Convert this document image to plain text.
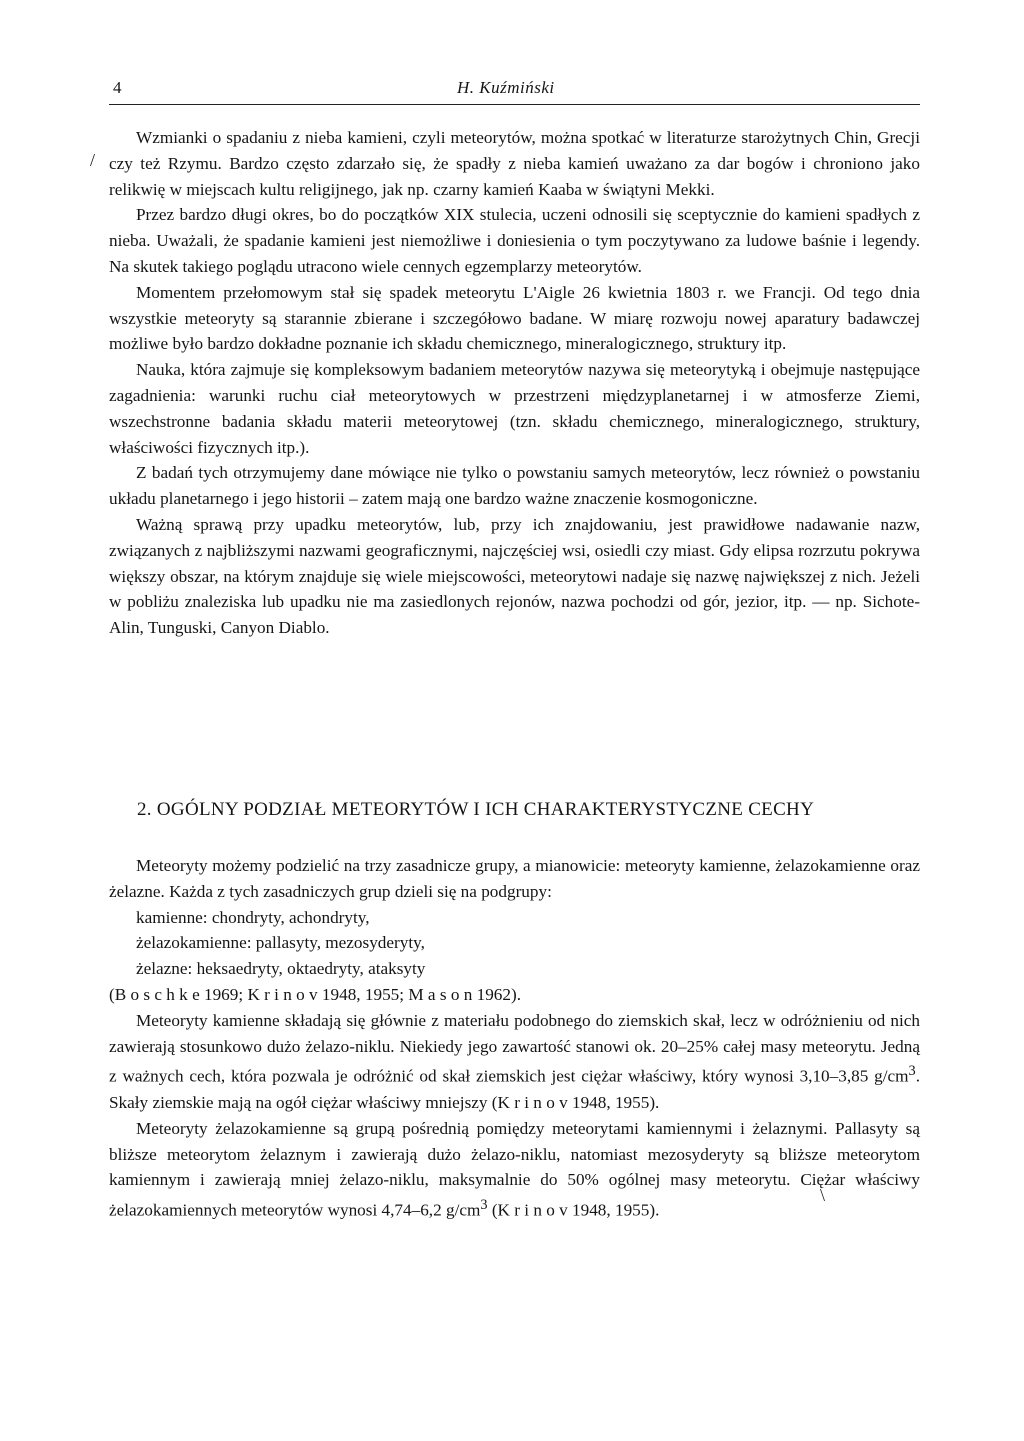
4	H. Kuźmiński
/

Wzmianki o spadaniu z nieba kamieni, czyli meteorytów, można spotkać w literaturze starożytnych Chin, Grecji czy też Rzymu. Bardzo często zdarzało się, że spadły z nieba kamień uważano za dar bogów i chroniono jako relikwię w miejscach kultu religijnego, jak np. czarny kamień Kaaba w świątyni Mekki.

Przez bardzo długi okres, bo do początków XIX stulecia, uczeni odnosili się sceptycznie do kamieni spadłych z nieba. Uważali, że spadanie kamieni jest niemożliwe i doniesienia o tym poczytywano za ludowe baśnie i legendy. Na skutek takiego poglądu utracono wiele cennych egzemplarzy meteorytów.

Momentem przełomowym stał się spadek meteorytu L'Aigle 26 kwietnia 1803 r. we Francji. Od tego dnia wszystkie meteoryty są starannie zbierane i szczegółowo badane. W miarę rozwoju nowej aparatury badawczej możliwe było bardzo dokładne poznanie ich składu chemicznego, mineralogicznego, struktury itp.

Nauka, która zajmuje się kompleksowym badaniem meteorytów nazywa się meteorytyką i obejmuje następujące zagadnienia: warunki ruchu ciał meteorytowych w przestrzeni międzyplanetarnej i w atmosferze Ziemi, wszechstronne badania składu materii meteorytowej (tzn. składu chemicznego, mineralogicznego, struktury, właściwości fizycznych itp.).

Z badań tych otrzymujemy dane mówiące nie tylko o powstaniu samych meteorytów, lecz również o powstaniu układu planetarnego i jego historii – zatem mają one bardzo ważne znaczenie kosmogoniczne.

Ważną sprawą przy upadku meteorytów, lub, przy ich znajdowaniu, jest prawidłowe nadawanie nazw, związanych z najbliższymi nazwami geograficznymi, najczęściej wsi, osiedli czy miast. Gdy elipsa rozrzutu pokrywa większy obszar, na którym znajduje się wiele miejscowości, meteorytowi nadaje się nazwę największej z nich. Jeżeli w pobliżu znaleziska lub upadku nie ma zasiedlonych rejonów, nazwa pochodzi od gór, jezior, itp. — np. Sichote-Alin, Tunguski, Canyon Diablo.

2. OGÓLNY PODZIAŁ METEORYTÓW I ICH CHARAKTERYSTYCZNE CECHY

Meteoryty możemy podzielić na trzy zasadnicze grupy, a mianowicie: meteoryty kamienne, żelazokamienne oraz żelazne. Każda z tych zasadniczych grup dzieli się na podgrupy:

kamienne: chondryty, achondryty,

żelazokamienne: pallasyty, mezosyderyty,

żelazne: heksaedryty, oktaedryty, ataksyty

(B o s c h k e 1969; K r i n o v 1948, 1955; M a s o n 1962).

Meteoryty kamienne składają się głównie z materiału podobnego do ziemskich skał, lecz w odróżnieniu od nich zawierają stosunkowo dużo żelazo-niklu. Niekiedy jego zawartość stanowi ok. 20–25% całej masy meteorytu. Jedną z ważnych cech, która pozwala je odróżnić od skał ziemskich jest ciężar właściwy, który wynosi 3,10–3,85 $g/cm^3$. Skały ziemskie mają na ogół ciężar właściwy mniejszy (K r i n o v 1948, 1955).

Meteoryty żelazokamienne są grupą pośrednią pomiędzy meteorytami kamiennymi i żelaznymi. Pallasyty są bliższe meteorytom żelaznym i zawierają dużo żelazo-niklu, natomiast mezosyderyty są bliższe meteorytom kamiennym i zawierają mniej żelazo-niklu, maksymalnie do 50% ogólnej masy meteorytu. Ciężar właściwy żelazokamiennych meteorytów wynosi 4,74–6,2 $g/cm^3$ (K r i n o v 1948, 1955).

\
